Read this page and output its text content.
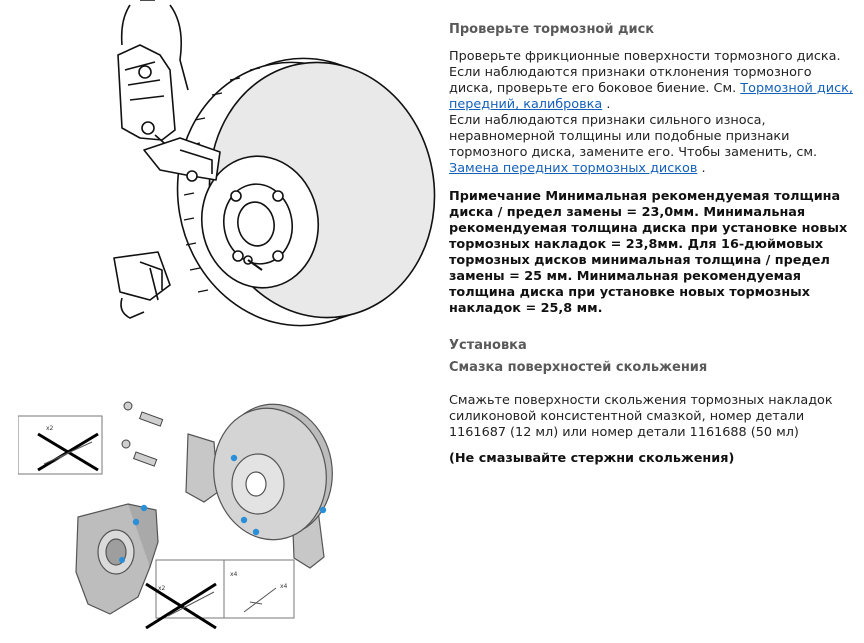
x2
x2
x4
x4

Проверьте тормозной диск

Проверьте фрикционные поверхности тормозного диска. Если наблюдаются признаки отклонения тормозного диска, проверьте его боковое биение. См. Тормозной диск, передний, калибровка .

Если наблюдаются признаки сильного износа, неравномерной толщины или подобные признаки тормозного диска, замените его. Чтобы заменить, см. Замена передних тормозных дисков .

Примечание Минимальная рекомендуемая толщина диска / предел замены = 23,0мм. Минимальная рекомендуемая толщина диска при установке новых тормозных накладок = 23,8мм. Для 16-дюймовых тормозных дисков минимальная толщина / предел замены = 25 мм. Минимальная рекомендуемая толщина диска при установке новых тормозных накладок = 25,8 мм.

Установка

Смазка поверхностей скольжения

Смажьте поверхности скольжения тормозных накладок силиконовой консистентной смазкой, номер детали 1161687 (12 мл) или номер детали 1161688 (50 мл)

(Не смазывайте стержни скольжения)
